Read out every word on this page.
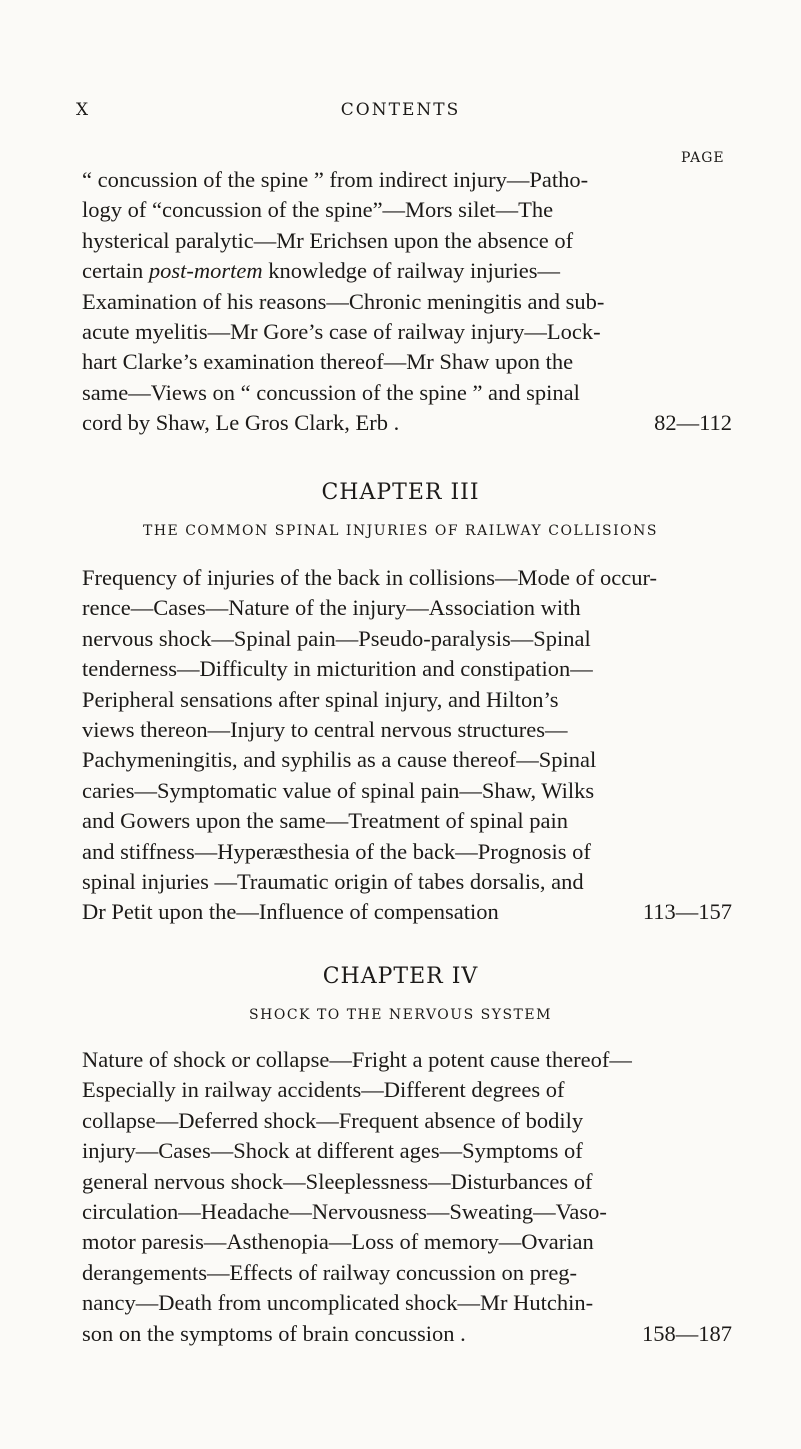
X	CONTENTS
PAGE

“ concussion of the spine ” from indirect injury—Patho-
logy of “concussion of the spine”—Mors silet—The
hysterical paralytic—Mr Erichsen upon the absence of
certain post-mortem knowledge of railway injuries—
Examination of his reasons—Chronic meningitis and sub-
acute myelitis—Mr Gore’s case of railway injury—Lock-
hart Clarke’s examination thereof—Mr Shaw upon the
same—Views on “ concussion of the spine ” and spinal
cord by Shaw, Le Gros Clark, Erb .	82—112

CHAPTER III
THE COMMON SPINAL INJURIES OF RAILWAY COLLISIONS

Frequency of injuries of the back in collisions—Mode of occur-
rence—Cases—Nature of the injury—Association with
nervous shock—Spinal pain—Pseudo-paralysis—Spinal
tenderness—Difficulty in micturition and constipation—
Peripheral sensations after spinal injury, and Hilton’s
views thereon—Injury to central nervous structures—
Pachymeningitis, and syphilis as a cause thereof—Spinal
caries—Symptomatic value of spinal pain—Shaw, Wilks
and Gowers upon the same—Treatment of spinal pain
and stiffness—Hyperæsthesia of the back—Prognosis of
spinal injuries —Traumatic origin of tabes dorsalis, and
Dr Petit upon the—Influence of compensation	113—157

CHAPTER IV
SHOCK TO THE NERVOUS SYSTEM

Nature of shock or collapse—Fright a potent cause thereof—
Especially in railway accidents—Different degrees of
collapse—Deferred shock—Frequent absence of bodily
injury—Cases—Shock at different ages—Symptoms of
general nervous shock—Sleeplessness—Disturbances of
circulation—Headache—Nervousness—Sweating—Vaso-
motor paresis—Asthenopia—Loss of memory—Ovarian
derangements—Effects of railway concussion on preg-
nancy—Death from uncomplicated shock—Mr Hutchin-
son on the symptoms of brain concussion .	158—187
